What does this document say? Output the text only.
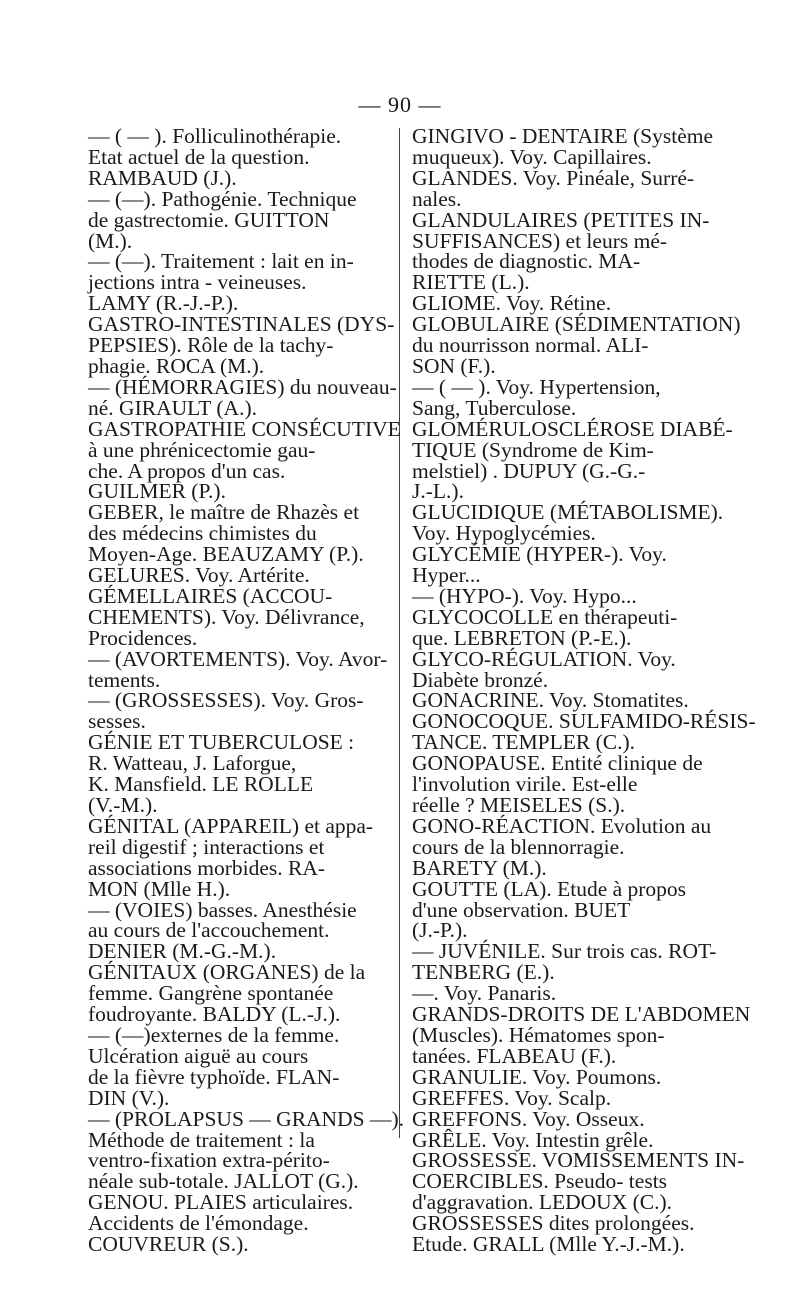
— 90 —

— ( — ). Folliculinothérapie.
Etat actuel de la question.
RAMBAUD (J.).

— (—). Pathogénie. Technique
de gastrectomie. GUITTON
(M.).

— (—). Traitement : lait en in-
jections intra - veineuses.
LAMY (R.-J.-P.).

GASTRO-INTESTINALES (DYS-
PEPSIES). Rôle de la tachy-
phagie. ROCA (M.).

— (HÉMORRAGIES) du nouveau-
né. GIRAULT (A.).

GASTROPATHIE CONSÉCUTIVE
à une phrénicectomie gau-
che. A propos d'un cas.
GUILMER (P.).

GEBER, le maître de Rhazès et
des médecins chimistes du
Moyen-Age. BEAUZAMY (P.).

GELURES. Voy. Artérite.

GÉMELLAIRES (ACCOU-
CHEMENTS). Voy. Délivrance,
Procidences.

— (AVORTEMENTS). Voy. Avor-
tements.

— (GROSSESSES). Voy. Gros-
sesses.

GÉNIE ET TUBERCULOSE :
R. Watteau, J. Laforgue,
K. Mansfield. LE ROLLE
(V.-M.).

GÉNITAL (APPAREIL) et appa-
reil digestif ; interactions et
associations morbides. RA-
MON (Mlle H.).

— (VOIES) basses. Anesthésie
au cours de l'accouchement.
DENIER (M.-G.-M.).

GÉNITAUX (ORGANES) de la
femme. Gangrène spontanée
foudroyante. BALDY (L.-J.).

— (—)externes de la femme.
Ulcération aiguë au cours
de la fièvre typhoïde. FLAN-
DIN (V.).

— (PROLAPSUS — GRANDS —).
Méthode de traitement : la
ventro-fixation extra-périto-
néale sub-totale. JALLOT (G.).

GENOU. PLAIES articulaires.
Accidents de l'émondage.
COUVREUR (S.).

GINGIVO - DENTAIRE (Système
muqueux). Voy. Capillaires.

GLANDES. Voy. Pinéale, Surré-
nales.

GLANDULAIRES (PETITES IN-
SUFFISANCES) et leurs mé-
thodes de diagnostic. MA-
RIETTE (L.).

GLIOME. Voy. Rétine.

GLOBULAIRE (SÉDIMENTATION)
du nourrisson normal. ALI-
SON (F.).

— ( — ). Voy. Hypertension,
Sang, Tuberculose.

GLOMÉRULOSCLÉROSE DIABÉ-
TIQUE (Syndrome de Kim-
melstiel) . DUPUY (G.-G.-
J.-L.).

GLUCIDIQUE (MÉTABOLISME).
Voy. Hypoglycémies.

GLYCÉMIE (HYPER-). Voy.
Hyper...

— (HYPO-). Voy. Hypo...

GLYCOCOLLE en thérapeuti-
que. LEBRETON (P.-E.).

GLYCO-RÉGULATION. Voy.
Diabète bronzé.

GONACRINE. Voy. Stomatites.

GONOCOQUE. SULFAMIDO-RÉSIS-
TANCE. TEMPLER (C.).

GONOPAUSE. Entité clinique de
l'involution virile. Est-elle
réelle ? MEISELES (S.).

GONO-RÉACTION. Evolution au
cours de la blennorragie.
BARETY (M.).

GOUTTE (LA). Etude à propos
d'une observation. BUET
(J.-P.).

— JUVÉNILE. Sur trois cas. ROT-
TENBERG (E.).

—. Voy. Panaris.

GRANDS-DROITS DE L'ABDOMEN
(Muscles). Hématomes spon-
tanées. FLABEAU (F.).

GRANULIE. Voy. Poumons.

GREFFES. Voy. Scalp.

GREFFONS. Voy. Osseux.

GRÊLE. Voy. Intestin grêle.

GROSSESSE. VOMISSEMENTS IN-
COERCIBLES. Pseudo- tests
d'aggravation. LEDOUX (C.).

GROSSESSES dites prolongées.
Etude. GRALL (Mlle Y.-J.-M.).
